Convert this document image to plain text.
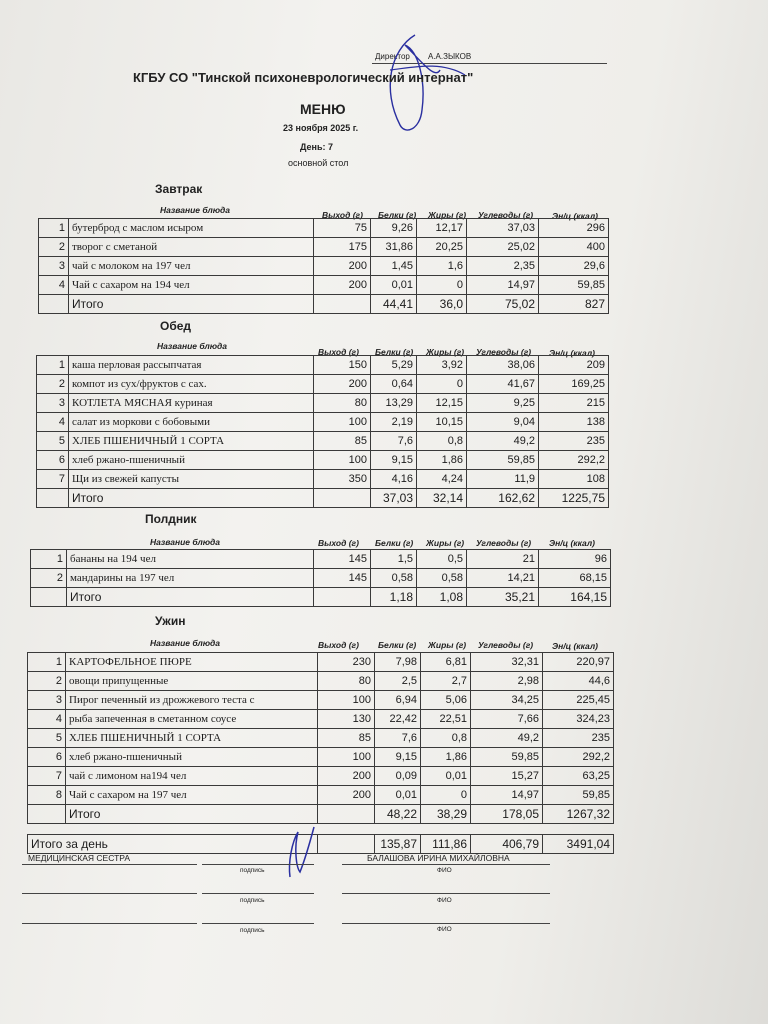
Директор А.А.ЗЫКОВ
КГБУ СО "Тинской психоневрологический интернат"
МЕНЮ
23 ноября 2025 г.
День: 7
основной стол
Завтрак
Название блюда	Выход (г) Белки (г) Жиры (г) Углеводы (г) Эн/ц (ккал)
1	бутерброд с маслом исыром	75	9,26	12,17	37,03	296
2	творог с сметаной	175	31,86	20,25	25,02	400
3	чай с молоком на 197 чел	200	1,45	1,6	2,35	29,6
4	Чай с сахаром на 194 чел	200	0,01	0	14,97	59,85
	Итого		44,41	36,0	75,02	827
Обед
Название блюда
Выход (г) Белки (г) Жиры (г) Углеводы (г) Эн/ц (ккал)
1	каша перловая рассыпчатая	150	5,29	3,92	38,06	209
2	компот из сух/фруктов с сах.	200	0,64	0	41,67	169,25
3	КОТЛЕТА МЯСНАЯ куриная	80	13,29	12,15	9,25	215
4	салат из моркови с бобовыми	100	2,19	10,15	9,04	138
5	ХЛЕБ ПШЕНИЧНЫЙ 1 СОРТА	85	7,6	0,8	49,2	235
6	хлеб ржано-пшеничный	100	9,15	1,86	59,85	292,2
7	Щи из свежей капусты	350	4,16	4,24	11,9	108
	Итого		37,03	32,14	162,62	1225,75
Полдник
Название блюда	Выход (г) Белки (г) Жиры (г) Углеводы (г) Эн/ц (ккал)
1	бананы на 194 чел	145	1,5	0,5	21	96
2	мандарины на 197 чел	145	0,58	0,58	14,21	68,15
	Итого		1,18	1,08	35,21	164,15
Ужин
Название блюда	Выход (г) Белки (г) Жиры (г) Углеводы (г) Эн/ц (ккал)
1	КАРТОФЕЛЬНОЕ ПЮРЕ	230	7,98	6,81	32,31	220,97
2	овощи припущенные	80	2,5	2,7	2,98	44,6
3	Пирог печенный из дрожжевого теста с	100	6,94	5,06	34,25	225,45
4	рыба запеченная в сметанном соусе	130	22,42	22,51	7,66	324,23
5	ХЛЕБ ПШЕНИЧНЫЙ 1 СОРТА	85	7,6	0,8	49,2	235
6	хлеб ржано-пшеничный	100	9,15	1,86	59,85	292,2
7	чай с лимоном на194 чел	200	0,09	0,01	15,27	63,25
8	Чай с сахаром на 197 чел	200	0,01	0	14,97	59,85
	Итого		48,22	38,29	178,05	1267,32
Итого за день		135,87	111,86	406,79	3491,04
МЕДИЦИНСКАЯ СЕСТРА
подпись
БАЛАШОВА ИРИНА МИХАЙЛОВНА
ФИО
подпись	ФИО
подпись	ФИО
